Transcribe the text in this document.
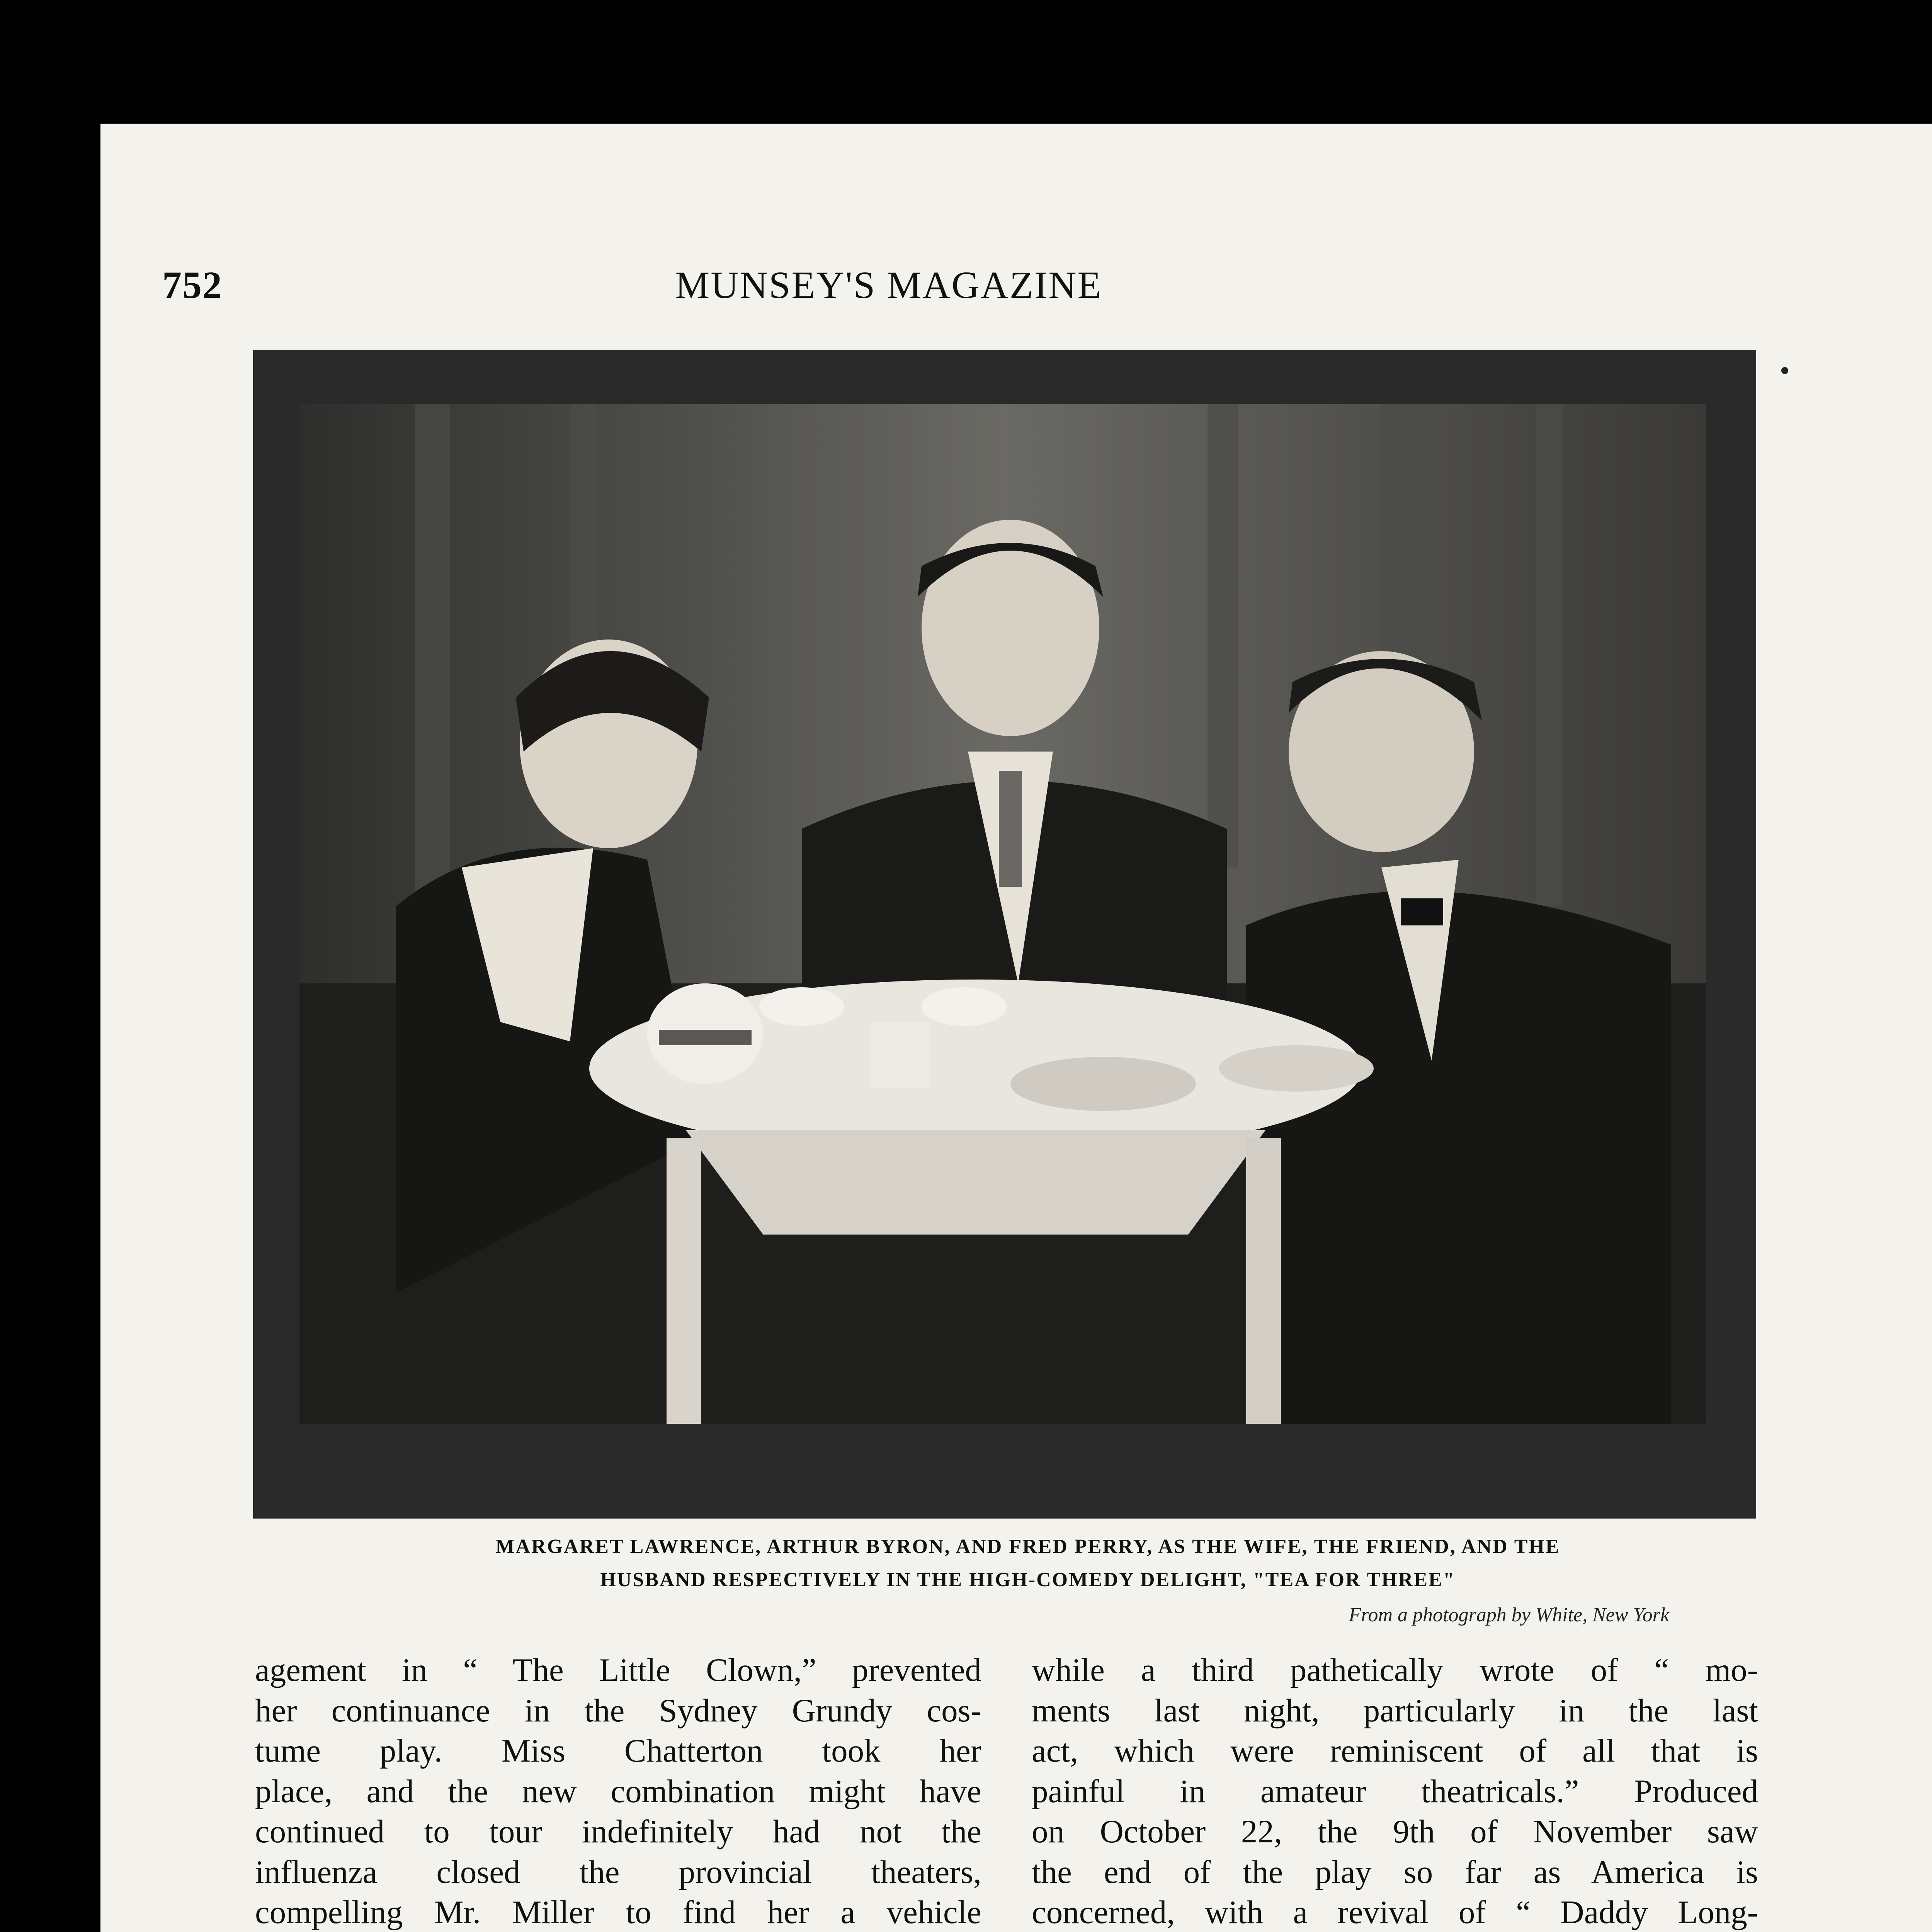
752	MUNSEY'S MAGAZINE
MARGARET LAWRENCE, ARTHUR BYRON, AND FRED PERRY, AS THE WIFE, THE FRIEND, AND THE
HUSBAND RESPECTIVELY IN THE HIGH-COMEDY DELIGHT, "TEA FOR THREE"
From a photograph by White, New York
agement in “ The Little Clown,” prevented
her continuance in the Sydney Grundy cos-
tume play. Miss Chatterton took her
place, and the new combination might have
continued to tour indefinitely had not the
influenza closed the provincial theaters,
compelling Mr. Miller to find her a vehicle
while a third pathetically wrote of “ mo-
ments last night, particularly in the last
act, which were reminiscent of all that is
painful in amateur theatricals.” Produced
on October 22, the 9th of November saw
the end of the play so far as America is
concerned, with a revival of “ Daddy Long-
